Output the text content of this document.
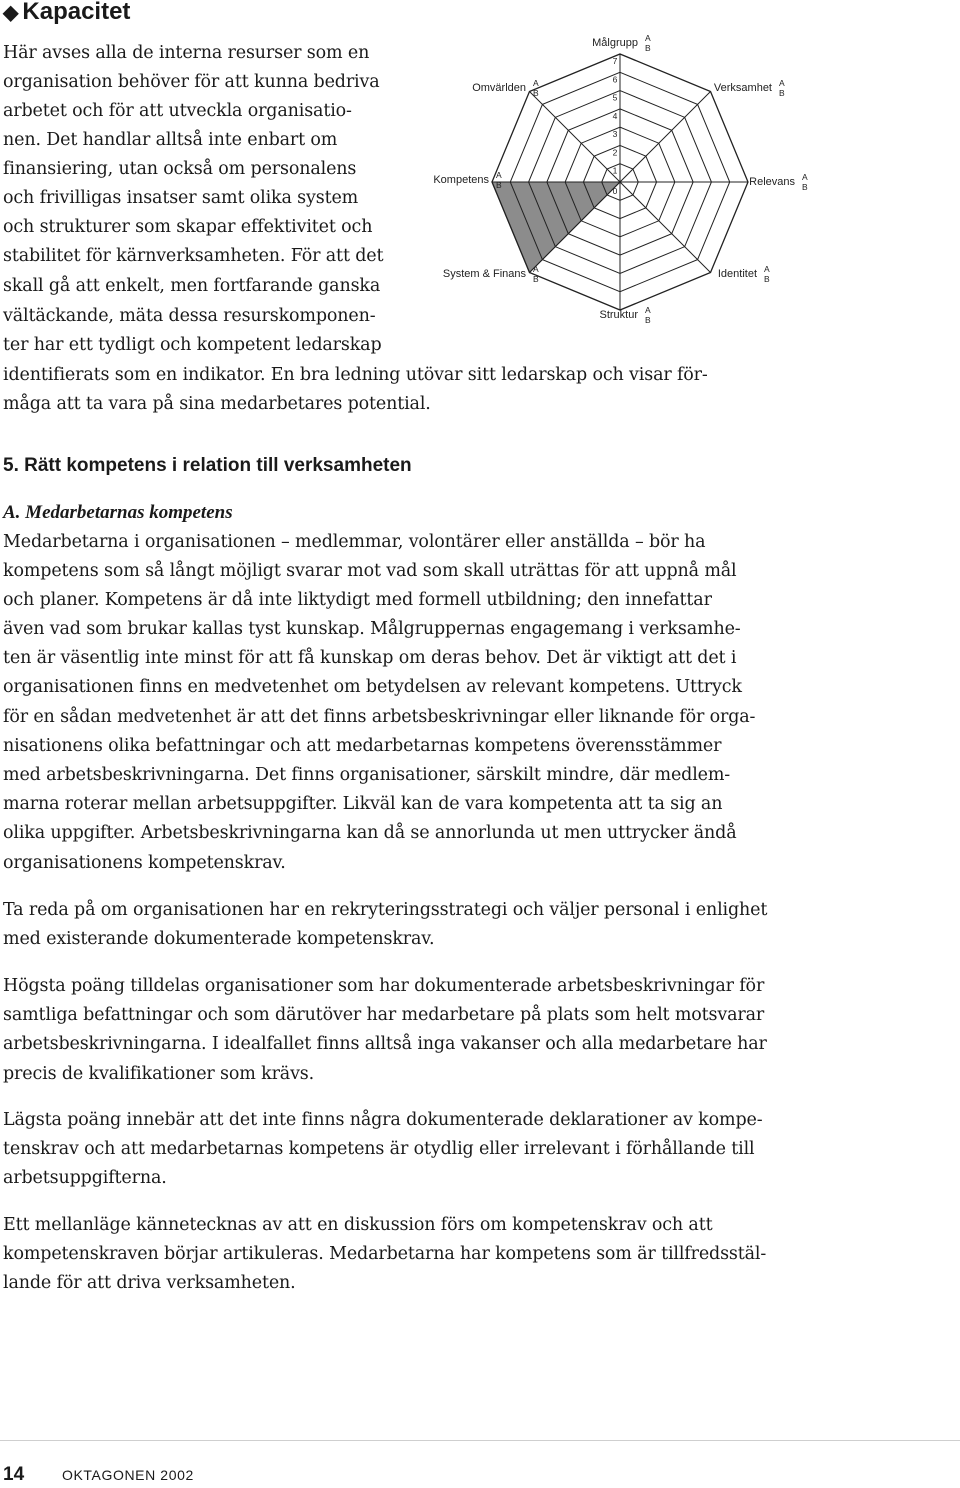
◆ Kapacitet

Här avses alla de interna resurser som en

organisation behöver för att kunna bedriva

arbetet och för att utveckla organisatio-

nen. Det handlar alltså inte enbart om

finansiering, utan också om personalens

och frivilligas insatser samt olika system

och strukturer som skapar effektivitet och

stabilitet för kärnverksamheten. För att det

skall gå att enkelt, men fortfarande ganska

vältäckande, mäta dessa resurskomponen-

ter har ett tydligt och kompetent ledarskap

identifierats som en indikator. En bra ledning utövar sitt ledarskap och visar för-

måga att ta vara på sina medarbetares potential.

0
1
2
3
4
5
6
7
Målgrupp A
B
Verksamhet A
B
Relevans A
B
Identitet A
B
Struktur A
B
System & Finans A
B
Kompetens A
B
Omvärlden A
B
5. Rätt kompetens i relation till verksamheten
A. Medarbetarnas kompetens

Medarbetarna i organisationen – medlemmar, volontärer eller anställda – bör ha

kompetens som så långt möjligt svarar mot vad som skall uträttas för att uppnå mål

och planer. Kompetens är då inte liktydigt med formell utbildning; den innefattar

även vad som brukar kallas tyst kunskap. Målgruppernas engagemang i verksamhe-

ten är väsentlig inte minst för att få kunskap om deras behov. Det är viktigt att det i

organisationen finns en medvetenhet om betydelsen av relevant kompetens. Uttryck

för en sådan medvetenhet är att det finns arbetsbeskrivningar eller liknande för orga-

nisationens olika befattningar och att medarbetarnas kompetens överensstämmer

med arbetsbeskrivningarna. Det finns organisationer, särskilt mindre, där medlem-

marna roterar mellan arbetsuppgifter. Likväl kan de vara kompetenta att ta sig an

olika uppgifter. Arbetsbeskrivningarna kan då se annorlunda ut men uttrycker ändå

organisationens kompetenskrav.

Ta reda på om organisationen har en rekryteringsstrategi och väljer personal i enlighet

med existerande dokumenterade kompetenskrav.

Högsta poäng tilldelas organisationer som har dokumenterade arbetsbeskrivningar för

samtliga befattningar och som därutöver har medarbetare på plats som helt motsvarar

arbetsbeskrivningarna. I idealfallet finns alltså inga vakanser och alla medarbetare har

precis de kvalifikationer som krävs.

Lägsta poäng innebär att det inte finns några dokumenterade deklarationer av kompe-

tenskrav och att medarbetarnas kompetens är otydlig eller irrelevant i förhållande till

arbetsuppgifterna.

Ett mellanläge kännetecknas av att en diskussion förs om kompetenskrav och att

kompetenskraven börjar artikuleras. Medarbetarna har kompetens som är tillfredsstäl-

lande för att driva verksamheten.

14	OKTAGONEN 2002
